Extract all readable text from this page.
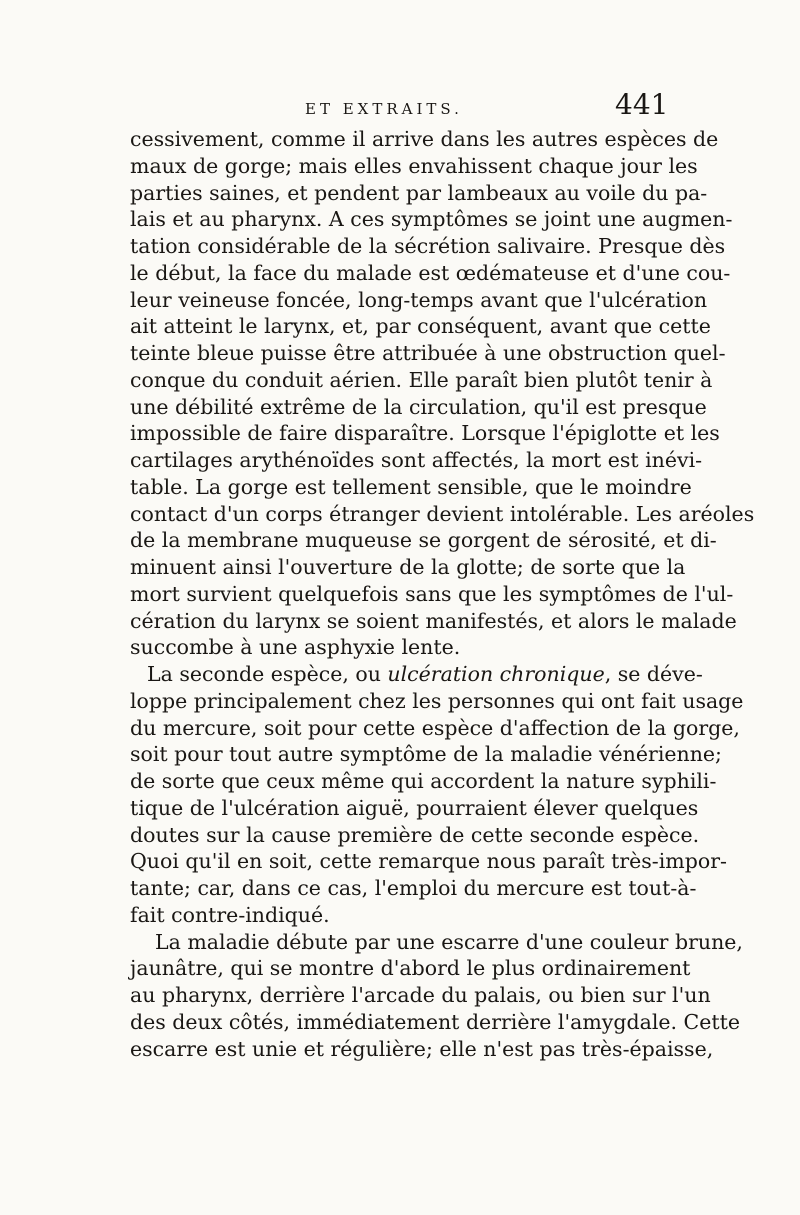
ET EXTRAITS.	441
cessivement, comme il arrive dans les autres espèces de
maux de gorge; mais elles envahissent chaque jour les
parties saines, et pendent par lambeaux au voile du pa-
lais et au pharynx. A ces symptômes se joint une augmen-
tation considérable de la sécrétion salivaire. Presque dès
le début, la face du malade est œdémateuse et d'une cou-
leur veineuse foncée, long-temps avant que l'ulcération
ait atteint le larynx, et, par conséquent, avant que cette
teinte bleue puisse être attribuée à une obstruction quel-
conque du conduit aérien. Elle paraît bien plutôt tenir à
une débilité extrême de la circulation, qu'il est presque
impossible de faire disparaître. Lorsque l'épiglotte et les
cartilages arythénoïdes sont affectés, la mort est inévi-
table. La gorge est tellement sensible, que le moindre
contact d'un corps étranger devient intolérable. Les aréoles
de la membrane muqueuse se gorgent de sérosité, et di-
minuent ainsi l'ouverture de la glotte; de sorte que la
mort survient quelquefois sans que les symptômes de l'ul-
cération du larynx se soient manifestés, et alors le malade
succombe à une asphyxie lente.
La seconde espèce, ou ulcération chronique, se déve-
loppe principalement chez les personnes qui ont fait usage
du mercure, soit pour cette espèce d'affection de la gorge,
soit pour tout autre symptôme de la maladie vénérienne;
de sorte que ceux même qui accordent la nature syphili-
tique de l'ulcération aiguë, pourraient élever quelques
doutes sur la cause première de cette seconde espèce.
Quoi qu'il en soit, cette remarque nous paraît très-impor-
tante; car, dans ce cas, l'emploi du mercure est tout-à-
fait contre-indiqué.
La maladie débute par une escarre d'une couleur brune,
jaunâtre, qui se montre d'abord le plus ordinairement
au pharynx, derrière l'arcade du palais, ou bien sur l'un
des deux côtés, immédiatement derrière l'amygdale. Cette
escarre est unie et régulière; elle n'est pas très-épaisse,
